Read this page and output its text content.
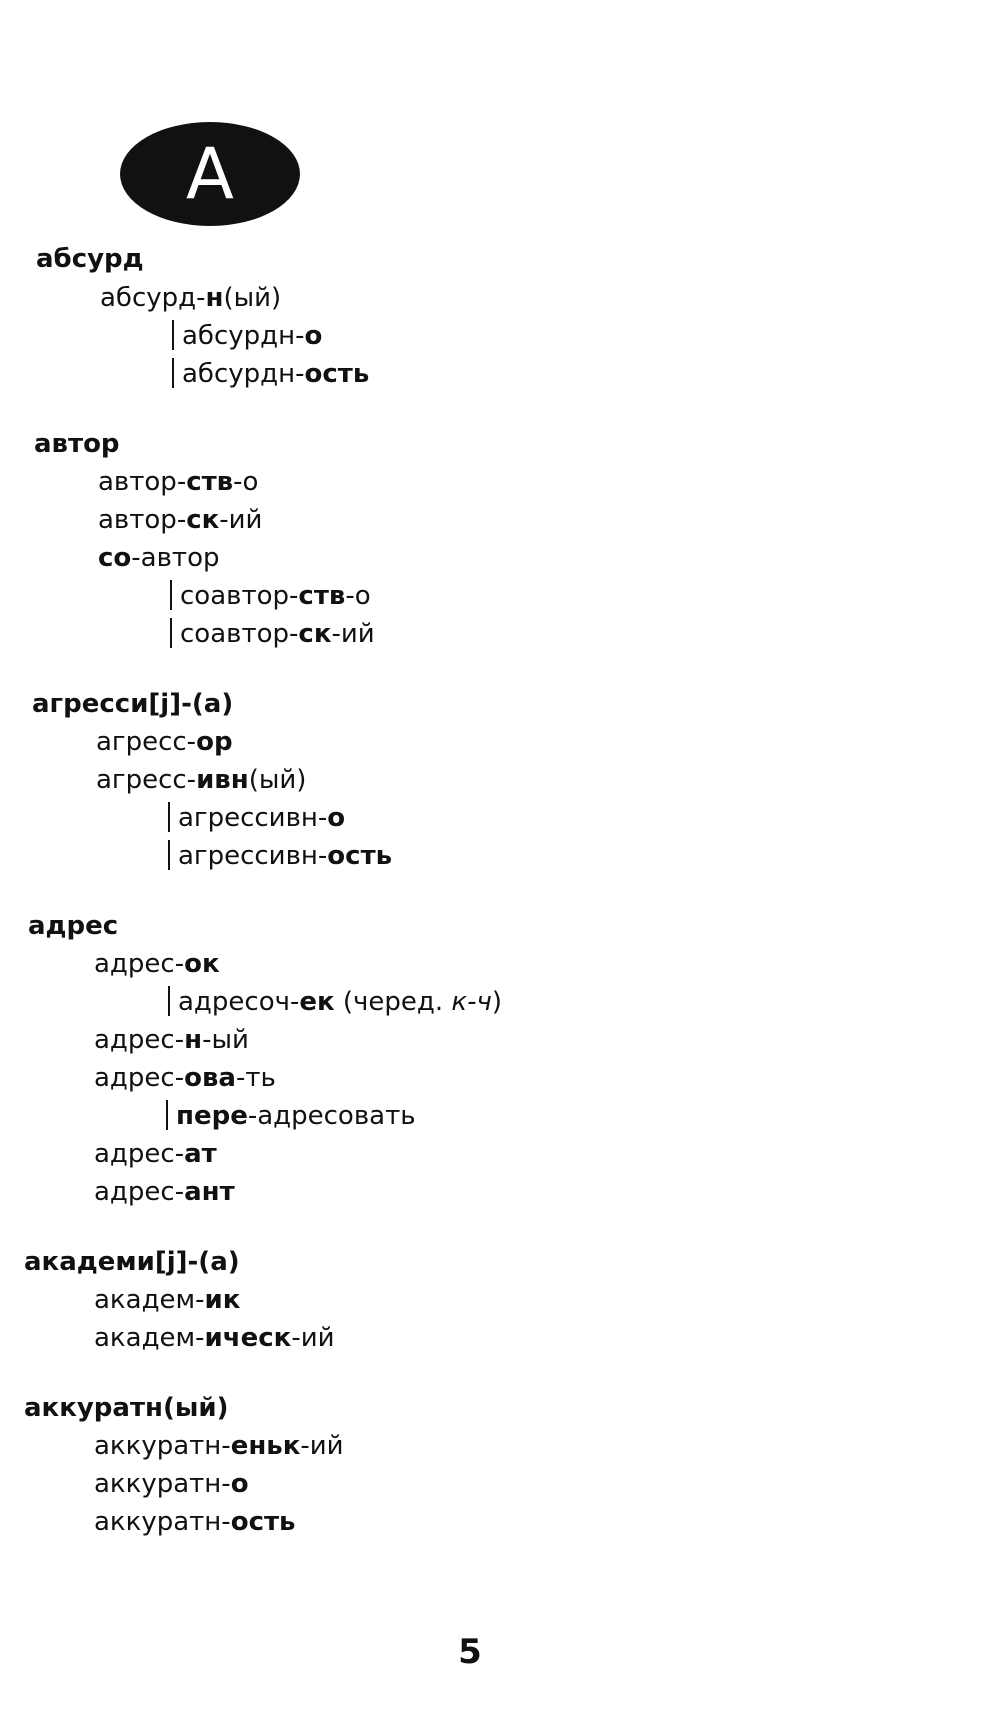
А
абсурд
абсурд-н(ый)
абсурдн-о
абсурдн-ость
автор
автор-ств-о
автор-ск-ий
со-автор
соавтор-ств-о
соавтор-ск-ий
агресси[j]-(а)
агресс-ор
агресс-ивн(ый)
агрессивн-о
агрессивн-ость
адрес
адрес-ок
адресоч-ек (черед. к-ч)
адрес-н-ый
адрес-ова-ть
пере-адресовать
адрес-ат
адрес-ант
академи[j]-(а)
академ-ик
академ-ическ-ий
аккуратн(ый)
аккуратн-еньк-ий
аккуратн-о
аккуратн-ость
5
